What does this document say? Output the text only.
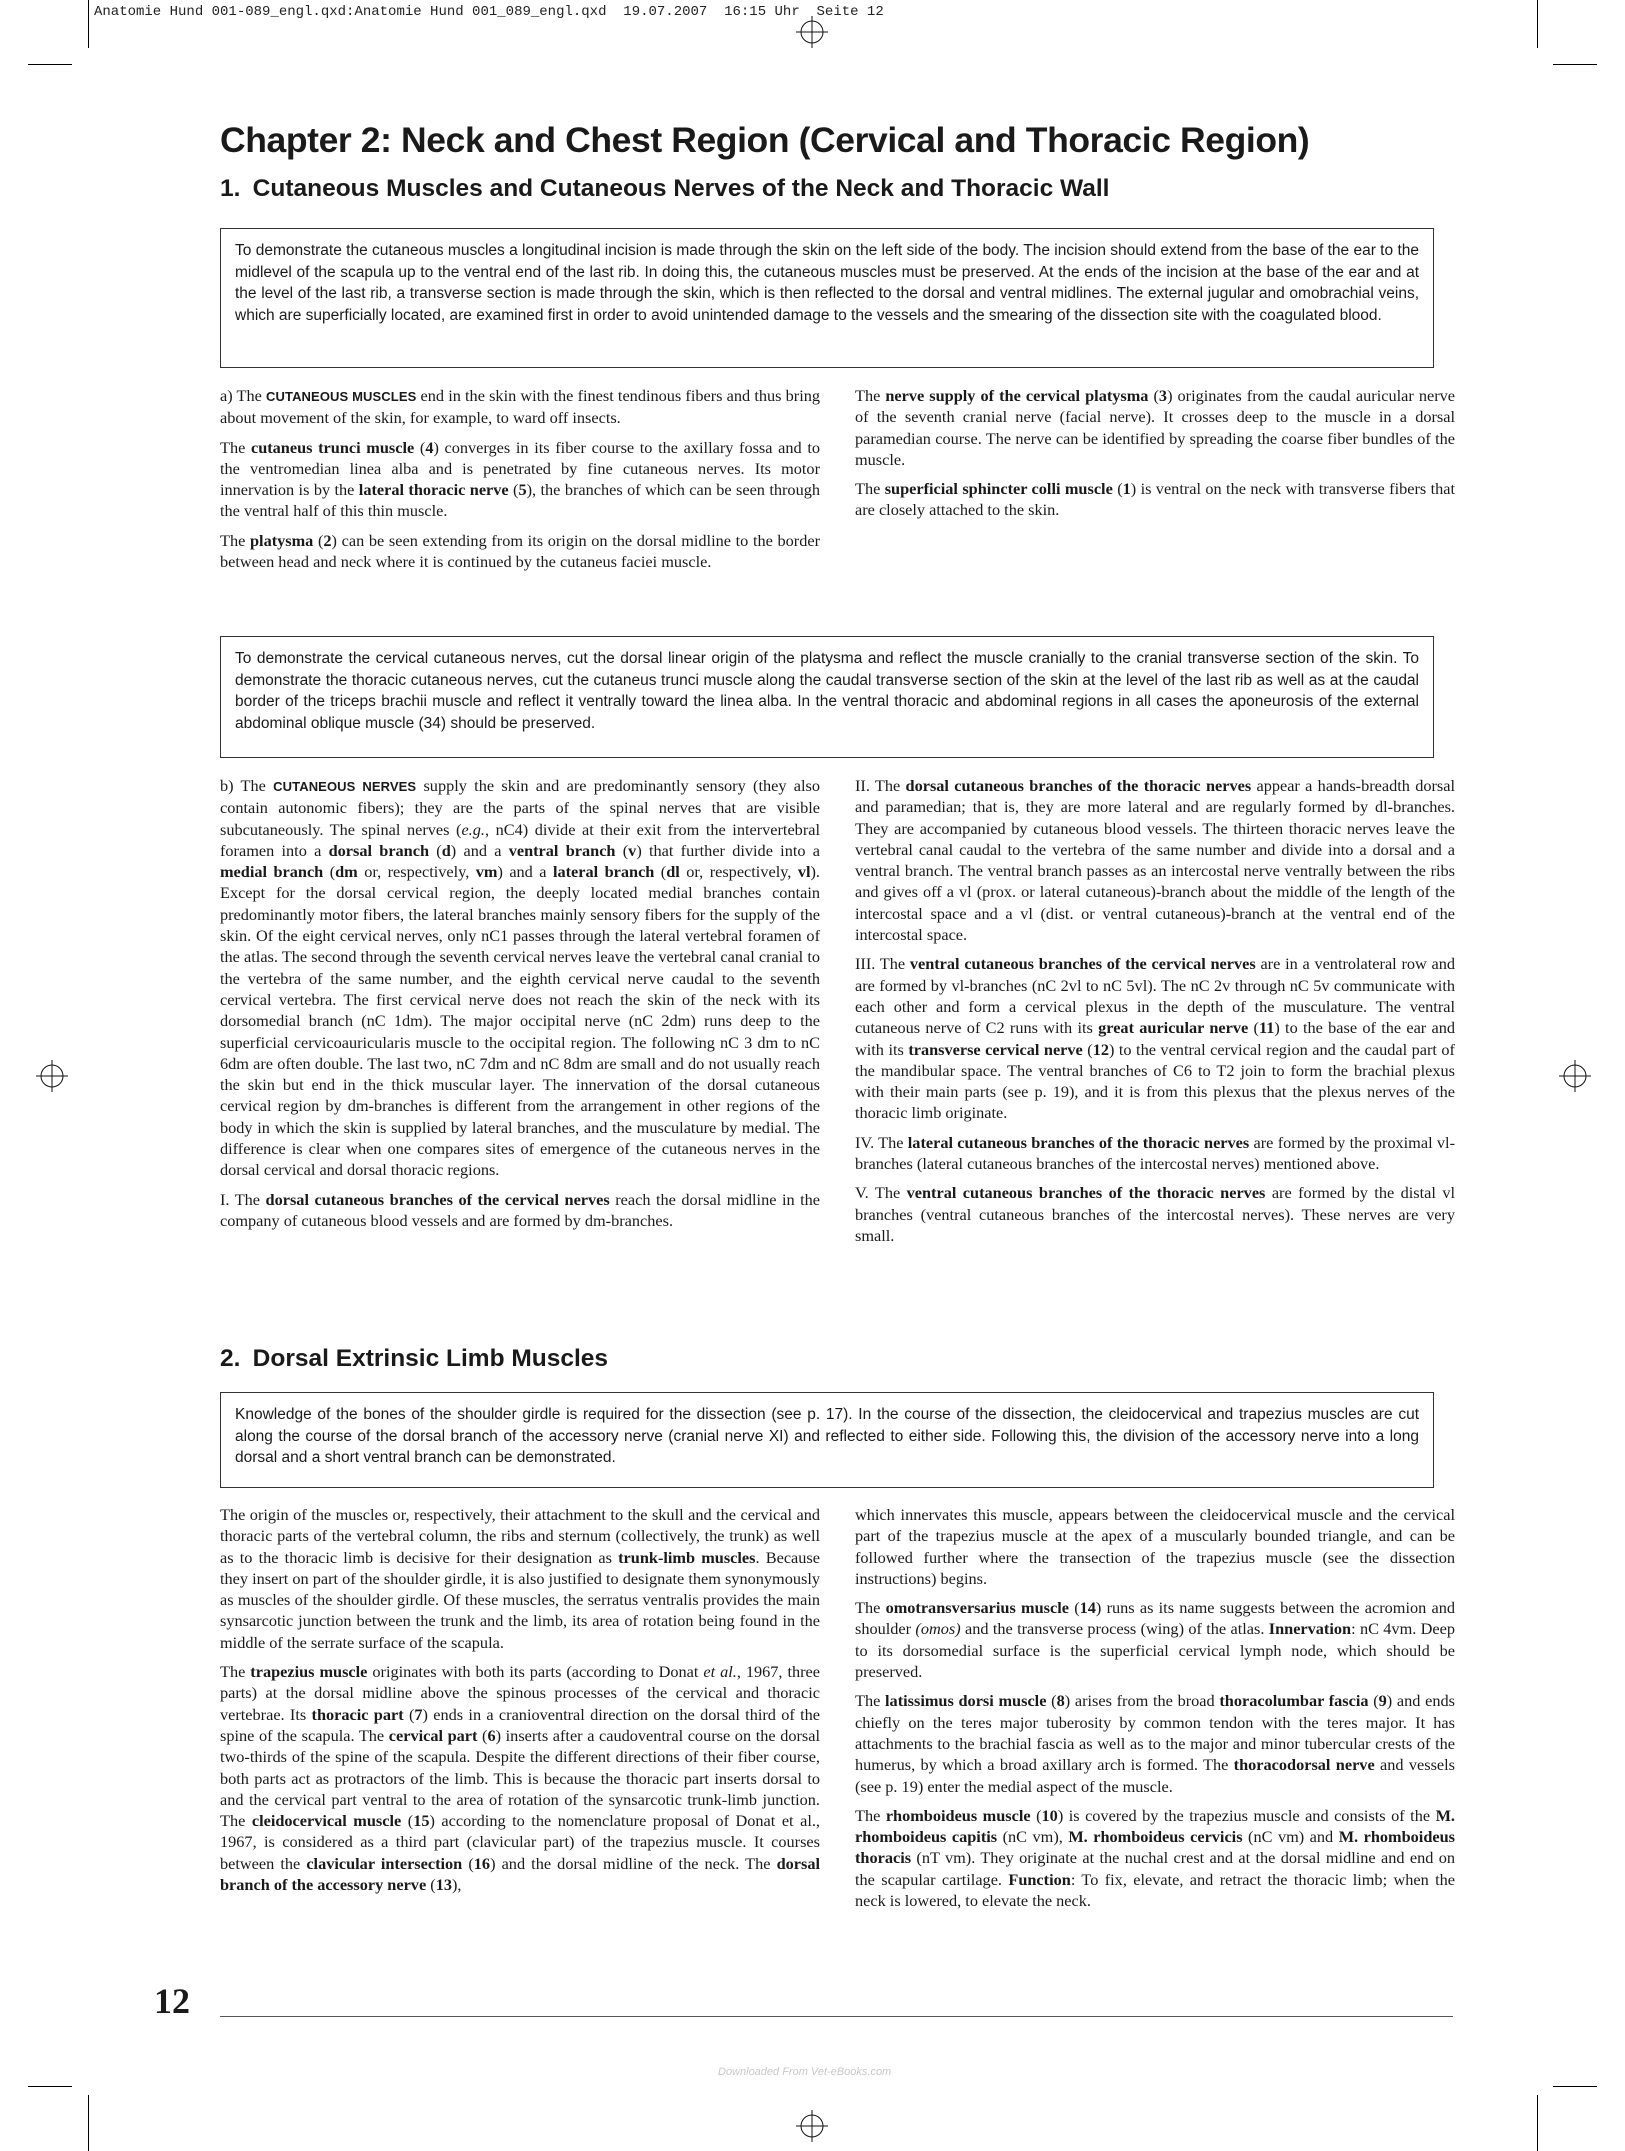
Anatomie Hund 001-089_engl.qxd:Anatomie Hund 001_089_engl.qxd  19.07.2007  16:15 Uhr  Seite 12
Chapter 2: Neck and Chest Region (Cervical and Thoracic Region)
1. Cutaneous Muscles and Cutaneous Nerves of the Neck and Thoracic Wall
To demonstrate the cutaneous muscles a longitudinal incision is made through the skin on the left side of the body. The incision should extend from the base of the ear to the midlevel of the scapula up to the ventral end of the last rib. In doing this, the cutaneous muscles must be preserved. At the ends of the incision at the base of the ear and at the level of the last rib, a transverse section is made through the skin, which is then reflected to the dorsal and ventral midlines. The external jugular and omobrachial veins, which are superficially located, are examined first in order to avoid unintended damage to the vessels and the smearing of the dissection site with the coagulated blood.

a) The CUTANEOUS MUSCLES end in the skin with the finest tendinous fibers and thus bring about movement of the skin, for example, to ward off insects.

The cutaneus trunci muscle (4) converges in its fiber course to the axillary fossa and to the ventromedian linea alba and is penetrated by fine cutaneous nerves. Its motor innervation is by the lateral thoracic nerve (5), the branches of which can be seen through the ventral half of this thin muscle.

The platysma (2) can be seen extending from its origin on the dorsal midline to the border between head and neck where it is continued by the cutaneus faciei muscle.

The nerve supply of the cervical platysma (3) originates from the caudal auricular nerve of the seventh cranial nerve (facial nerve). It crosses deep to the muscle in a dorsal paramedian course. The nerve can be identified by spreading the coarse fiber bundles of the muscle.

The superficial sphincter colli muscle (1) is ventral on the neck with transverse fibers that are closely attached to the skin.

To demonstrate the cervical cutaneous nerves, cut the dorsal linear origin of the platysma and reflect the muscle cranially to the cranial transverse section of the skin. To demonstrate the thoracic cutaneous nerves, cut the cutaneus trunci muscle along the caudal transverse section of the skin at the level of the last rib as well as at the caudal border of the triceps brachii muscle and reflect it ventrally toward the linea alba. In the ventral thoracic and abdominal regions in all cases the aponeurosis of the external abdominal oblique muscle (34) should be preserved.

b) The CUTANEOUS NERVES supply the skin and are predominantly sensory (they also contain autonomic fibers); they are the parts of the spinal nerves that are visible subcutaneously. The spinal nerves (e.g., nC4) divide at their exit from the intervertebral foramen into a dorsal branch (d) and a ventral branch (v) that further divide into a medial branch (dm or, respectively, vm) and a lateral branch (dl or, respectively, vl). Except for the dorsal cervical region, the deeply located medial branches contain predominantly motor fibers, the lateral branches mainly sensory fibers for the supply of the skin. Of the eight cervical nerves, only nC1 passes through the lateral vertebral foramen of the atlas. The second through the seventh cervical nerves leave the vertebral canal cranial to the vertebra of the same number, and the eighth cervical nerve caudal to the seventh cervical vertebra. The first cervical nerve does not reach the skin of the neck with its dorsomedial branch (nC 1dm). The major occipital nerve (nC 2dm) runs deep to the superficial cervicoauricularis muscle to the occipital region. The following nC 3 dm to nC 6dm are often double. The last two, nC 7dm and nC 8dm are small and do not usually reach the skin but end in the thick muscular layer. The innervation of the dorsal cutaneous cervical region by dm-branches is different from the arrangement in other regions of the body in which the skin is supplied by lateral branches, and the musculature by medial. The difference is clear when one compares sites of emergence of the cutaneous nerves in the dorsal cervical and dorsal thoracic regions.

I. The dorsal cutaneous branches of the cervical nerves reach the dorsal midline in the company of cutaneous blood vessels and are formed by dm-branches.

II. The dorsal cutaneous branches of the thoracic nerves appear a hands-breadth dorsal and paramedian; that is, they are more lateral and are regularly formed by dl-branches. They are accompanied by cutaneous blood vessels. The thirteen thoracic nerves leave the vertebral canal caudal to the vertebra of the same number and divide into a dorsal and a ventral branch. The ventral branch passes as an intercostal nerve ventrally between the ribs and gives off a vl (prox. or lateral cutaneous)-branch about the middle of the length of the intercostal space and a vl (dist. or ventral cutaneous)-branch at the ventral end of the intercostal space.

III. The ventral cutaneous branches of the cervical nerves are in a ventrolateral row and are formed by vl-branches (nC 2vl to nC 5vl). The nC 2v through nC 5v communicate with each other and form a cervical plexus in the depth of the musculature. The ventral cutaneous nerve of C2 runs with its great auricular nerve (11) to the base of the ear and with its transverse cervical nerve (12) to the ventral cervical region and the caudal part of the mandibular space. The ventral branches of C6 to T2 join to form the brachial plexus with their main parts (see p. 19), and it is from this plexus that the plexus nerves of the thoracic limb originate.

IV. The lateral cutaneous branches of the thoracic nerves are formed by the proximal vl-branches (lateral cutaneous branches of the intercostal nerves) mentioned above.

V. The ventral cutaneous branches of the thoracic nerves are formed by the distal vl branches (ventral cutaneous branches of the intercostal nerves). These nerves are very small.

2. Dorsal Extrinsic Limb Muscles
Knowledge of the bones of the shoulder girdle is required for the dissection (see p. 17). In the course of the dissection, the cleidocervical and trapezius muscles are cut along the course of the dorsal branch of the accessory nerve (cranial nerve XI) and reflected to either side. Following this, the division of the accessory nerve into a long dorsal and a short ventral branch can be demonstrated.

The origin of the muscles or, respectively, their attachment to the skull and the cervical and thoracic parts of the vertebral column, the ribs and sternum (collectively, the trunk) as well as to the thoracic limb is decisive for their designation as trunk-limb muscles. Because they insert on part of the shoulder girdle, it is also justified to designate them synonymously as muscles of the shoulder girdle. Of these muscles, the serratus ventralis provides the main synsarcotic junction between the trunk and the limb, its area of rotation being found in the middle of the serrate surface of the scapula.

The trapezius muscle originates with both its parts (according to Donat et al., 1967, three parts) at the dorsal midline above the spinous processes of the cervical and thoracic vertebrae. Its thoracic part (7) ends in a cranioventral direction on the dorsal third of the spine of the scapula. The cervical part (6) inserts after a caudoventral course on the dorsal two-thirds of the spine of the scapula. Despite the different directions of their fiber course, both parts act as protractors of the limb. This is because the thoracic part inserts dorsal to and the cervical part ventral to the area of rotation of the synsarcotic trunk-limb junction. The cleidocervical muscle (15) according to the nomenclature proposal of Donat et al., 1967, is considered as a third part (clavicular part) of the trapezius muscle. It courses between the clavicular intersection (16) and the dorsal midline of the neck. The dorsal branch of the accessory nerve (13),

which innervates this muscle, appears between the cleidocervical muscle and the cervical part of the trapezius muscle at the apex of a muscularly bounded triangle, and can be followed further where the transection of the trapezius muscle (see the dissection instructions) begins.

The omotransversarius muscle (14) runs as its name suggests between the acromion and shoulder (omos) and the transverse process (wing) of the atlas. Innervation: nC 4vm. Deep to its dorsomedial surface is the superficial cervical lymph node, which should be preserved.

The latissimus dorsi muscle (8) arises from the broad thoracolumbar fascia (9) and ends chiefly on the teres major tuberosity by common tendon with the teres major. It has attachments to the brachial fascia as well as to the major and minor tubercular crests of the humerus, by which a broad axillary arch is formed. The thoracodorsal nerve and vessels (see p. 19) enter the medial aspect of the muscle.

The rhomboideus muscle (10) is covered by the trapezius muscle and consists of the M. rhomboideus capitis (nC vm), M. rhomboideus cervicis (nC vm) and M. rhomboideus thoracis (nT vm). They originate at the nuchal crest and at the dorsal midline and end on the scapular cartilage. Function: To fix, elevate, and retract the thoracic limb; when the neck is lowered, to elevate the neck.

12
Downloaded From Vet-eBooks.com
